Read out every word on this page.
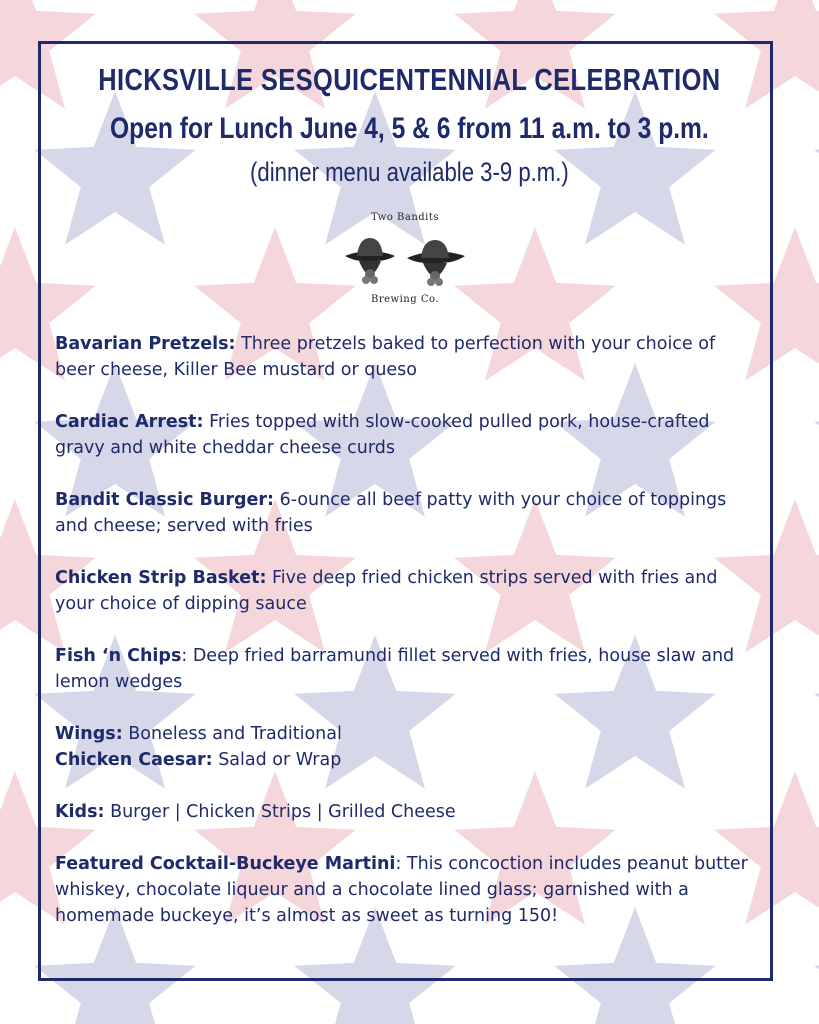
HICKSVILLE SESQUICENTENNIAL CELEBRATION
Open for Lunch June 4, 5 & 6 from 11 a.m. to 3 p.m.
(dinner menu available 3-9 p.m.)
Two Bandits
Brewing Co.
Bavarian Pretzels: Three pretzels baked to perfection with your choice of beer cheese, Killer Bee mustard or queso
Cardiac Arrest: Fries topped with slow-cooked pulled pork, house-crafted gravy and white cheddar cheese curds
Bandit Classic Burger: 6-ounce all beef patty with your choice of toppings and cheese; served with fries
Chicken Strip Basket: Five deep fried chicken strips served with fries and your choice of dipping sauce
Fish ‘n Chips: Deep fried barramundi fillet served with fries, house slaw and lemon wedges
Wings: Boneless and Traditional
Chicken Caesar: Salad or Wrap
Kids: Burger | Chicken Strips | Grilled Cheese
Featured Cocktail-Buckeye Martini: This concoction includes peanut butter whiskey, chocolate liqueur and a chocolate lined glass; garnished with a homemade buckeye, it’s almost as sweet as turning 150!
